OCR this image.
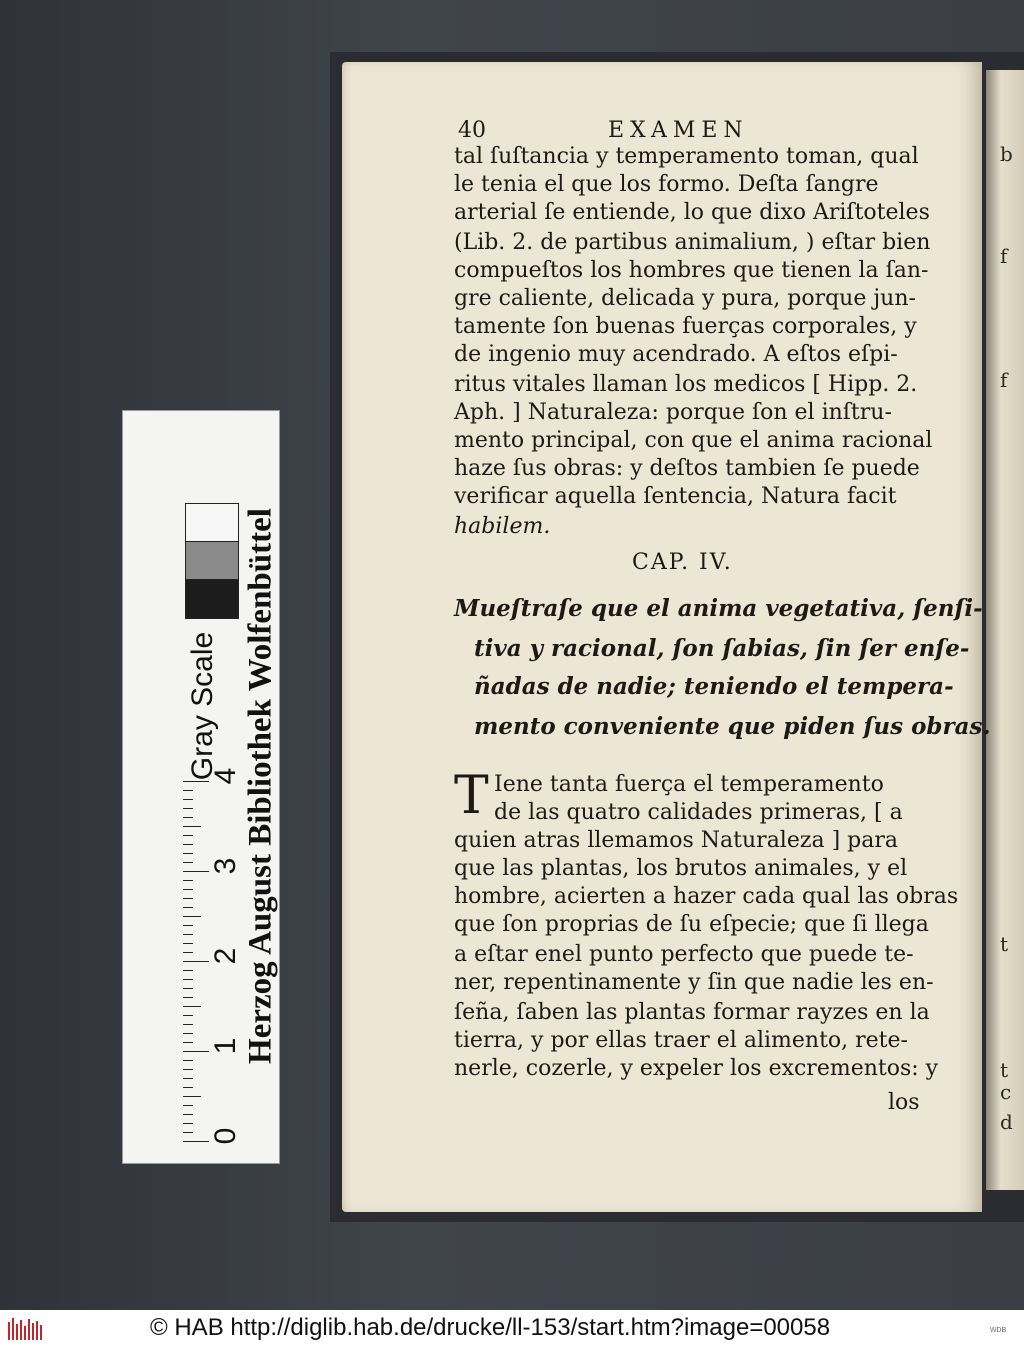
b
f
f
t
t
c
d
40	EXAMEN
tal ſuſtancia y temperamento toman, qual
le tenia el que los formo. Deſta ſangre
arterial ſe entiende, lo que dixo Ariſtoteles
(Lib. 2. de partibus animalium, ) eſtar bien
compueſtos los hombres que tienen la ſan-
gre caliente, delicada y pura, porque jun-
tamente ſon buenas fuerças corporales, y
de ingenio muy acendrado. A eſtos eſpi-
ritus vitales llaman los medicos [ Hipp. 2.
Aph. ] Naturaleza: porque ſon el inſtru-
mento principal, con que el anima racional
haze ſus obras: y deſtos tambien ſe puede
verificar aquella ſentencia, Natura facit
habilem.
CAP. IV.
Mueſtraſe que el anima vegetativa, ſenſi-
tiva y racional, ſon ſabias, ſin ſer enſe-
ñadas de nadie; teniendo el tempera-
mento conveniente que piden ſus obras.
T Iene tanta fuerça el temperamento
de las quatro calidades primeras, [ a
quien atras llemamos Naturaleza ] para
que las plantas, los brutos animales, y el
hombre, acierten a hazer cada qual las obras
que ſon proprias de ſu eſpecie; que ſi llega
a eſtar enel punto perfecto que puede te-
ner, repentinamente y ſin que nadie les en-
ſeña, ſaben las plantas formar rayzes en la
tierra, y por ellas traer el alimento, rete-
nerle, cozerle, y expeler los excrementos: y
los
Herzog August Bibliothek Wolfenbüttel
Gray Scale
0
1
2
3
4
© HAB http://diglib.hab.de/drucke/ll-153/start.htm?image=00058	ᴡᴅʙ
